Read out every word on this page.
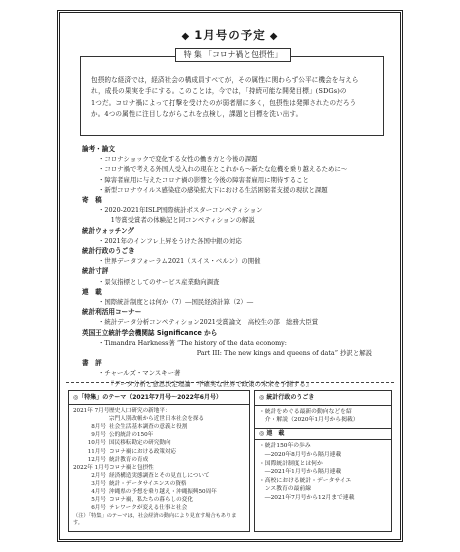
◆ 1月号の予定 ◆
特 集 「コロナ禍と包摂性」
包摂的な経済では，経済社会の構成員すべてが，その属性に関わらず公平に機会を与えら
れ，成長の果実を手にする。このことは，今では，「持続可能な開発目標」(SDGs)の
1つだ。コロナ禍によって打撃を受けたのが弱者層に多く，包摂性は発揮されたのだろう
か。4つの属性に注目しながらこれを点検し，課題と目標を洗い出す。
論考・論文
・コロナショックで変化する女性の働き方と今後の課題
・コロナ禍で考える外国人受入れの現在とこれから〜新たな危機を乗り越えるために〜
・障害者雇用に与えたコロナ禍の影響と今後の障害者雇用に期待すること
・新型コロナウイルス感染症の感染拡大下における生活困窮者支援の現状と課題
寄　稿
・2020-2021年ISLP国際統計ポスターコンペティション
　　1等賞受賞者の体験記と同コンペティションの解説
統計ウォッチング
・2021年のインフレ上昇をうけた各国中銀の対応
統計行政のうごき
・世界データフォーラム2021（スイス・ベルン）の開催
統計寸評
・景気指標としてのサービス産業動向調査
連　載
・国際統計制度とは何か（7）―国民経済計算（2）―
統計利活用コーナー
・統計データ分析コンペティション2021受賞論文　高校生の部　総務大臣賞
英国王立統計学会機関誌 Significance から
・Timandra Harkness著 “The history of the data economy:
Part III: The new kings and queens of data” 抄訳と解説
書　評
・チャールズ・マンスキー著
　　『データ分析と意思決定理論　不確実な世界で政策の未来を予測する』
◎「特集」のテーマ（2021年7月号〜2022年6月号）
2021年 7月号 歴史人口研究の新地平：
宗門人別改帳から近世日本社会を探る
8月号 社会生活基本調査の意義と役割
9月号 公的統計の150年
10月号 国民移転勘定の研究動向
11月号 コロナ禍における政策対応
12月号 統計教育の育成
2022年 1月号 コロナ禍と包摂性
2月号 経済構造実態調査とその見直しについて
3月号 統計・データサイエンスの資格
4月号 沖縄県の予想を乗り越え・沖縄振興50周年
5月号 コロナ禍，私たちの暮らしの変化
6月号 テレワークが変える仕事と社会
（注）「特集」のテーマは，社会経済の動向により見直す場合もあります。
◎ 統計行政のうごき
・統計をめぐる最新の動向などを紹
　介・解説（2020年1月号から掲載）
◎ 連　載
・統計150年の歩み
　―2020年8月号から隔月連載
・国際統計制度とは何か
　―2021年1月号から隔月連載
・高校における統計・データサイエ
　ンス教育の最前線
　―2021年7月号から12月まで連載
